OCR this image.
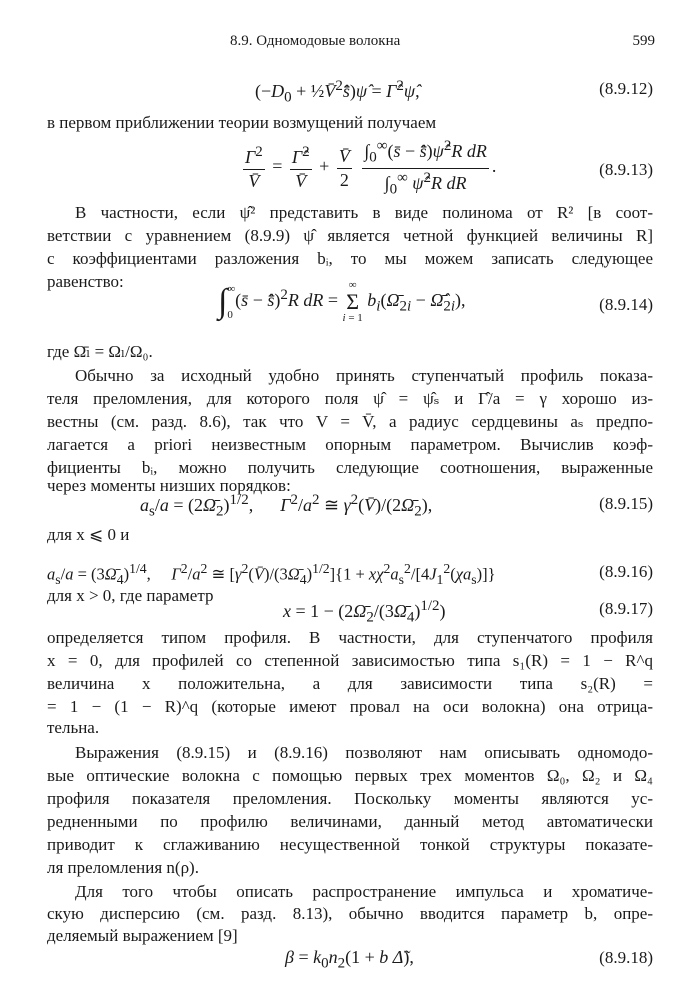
8.9. Одномодовые волокна	599
($-D_0$ + ½V̄$^2$s̄̂)ψ̂ = Γ̂$^2$ψ̂,	(8.9.12)

в первом приближении теории возмущений получаем

$\frac{\Gamma^2}{V̄} = \frac{\Gammâ^2}{V̄} + \frac{V̄}{2}$
$\frac{\int_0^\infty(s̄ - s̄̂)\psî^2R dR}{\int_0^\infty \psî^2R dR}$ .	(8.9.13)

В частности, если ψ̂² представить в виде полинома от R² [в соот-

ветствии с уравнением (8.9.9) ψ̂ является четной функцией величины R]

с коэффициентами разложения bᵢ, то мы можем записать следующее

равенство:

∫∞

0(s̄ − s̄̂)$^2$R dR = ∞
Σ
i = 1 $b_i(\Omegā_{2i}$ − $\Omegā̂_{2i}$),	(8.9.14)

где Ω̄ₗ = Ωₗ/Ω₀.

Обычно за исходный удобно принять ступенчатый профиль показа-

теля преломления, для которого поля ψ̂ = ψ̂ₛ и Γ̂/a = γ хорошо из-

вестны (см. разд. 8.6), так что V = V̄, а радиус сердцевины aₛ предпо-

лагается a priori неизвестным опорным параметром. Вычислив коэф-

фициенты bᵢ, можно получить следующие соотношения, выраженные

через моменты низших порядков:

$a_s/a$ = $(2\Omegā_2)^{1/2}$,      $\Gamma^2/a^2$ ≅ $\gamma^2(V̄)/(2\Omegā_2)$,	(8.9.15)

для x ⩽ 0 и

$a_s/a$ = $(3\Omegā_4)^{1/4}$,     $\Gamma^2/a^2$ ≅ $[\gamma^2(V̄)/(3\Omegā_4)^{1/2}]\{1 + x\chi^2a_s^2/[4J_1^2(\chi a_s)]\}$	(8.9.16)

для x > 0, где параметр

$x = 1 - (2\Omegā_2/(3\Omegā_4)^{1/2})$	(8.9.17)

определяется типом профиля. В частности, для ступенчатого профиля

x = 0, для профилей со степенной зависимостью типа s₁(R) = 1 − R^q

величина x положительна, а для зависимости типа s₂(R) =

= 1 − (1 − R)^q (которые имеют провал на оси волокна) она отрица-

тельна.

Выражения (8.9.15) и (8.9.16) позволяют нам описывать одномодо-

вые оптические волокна с помощью первых трех моментов Ω₀, Ω₂ и Ω₄

профиля показателя преломления. Поскольку моменты являются ус-

редненными по профилю величинами, данный метод автоматически

приводит к сглаживанию несущественной тонкой структуры показате-

ля преломления n(ρ).

Для того чтобы описать распространение импульса и хроматиче-

скую дисперсию (см. разд. 8.13), обычно вводится параметр b, опре-

деляемый выражением [9]

$\beta = k_0n_2(1 + b$ Δ̃),	(8.9.18)
